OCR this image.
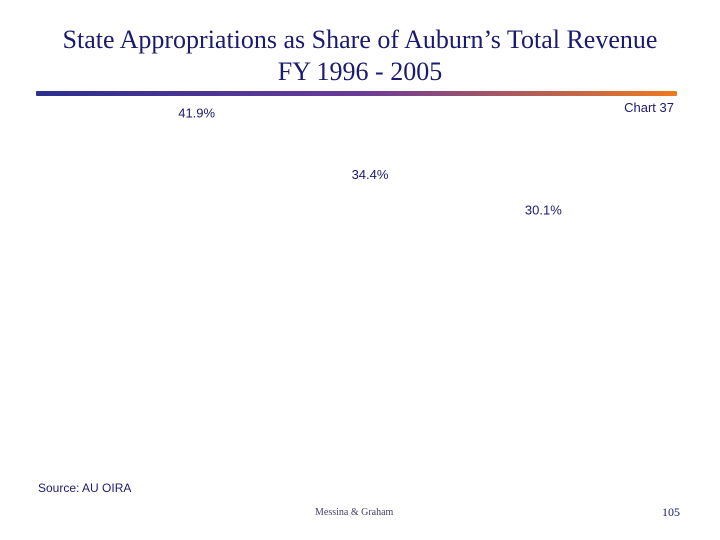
State Appropriations as Share of Auburn’s Total Revenue
FY 1996 - 2005
Chart 37
41.9%
34.4%
30.1%
Source: AU OIRA
Messina & Graham	105
